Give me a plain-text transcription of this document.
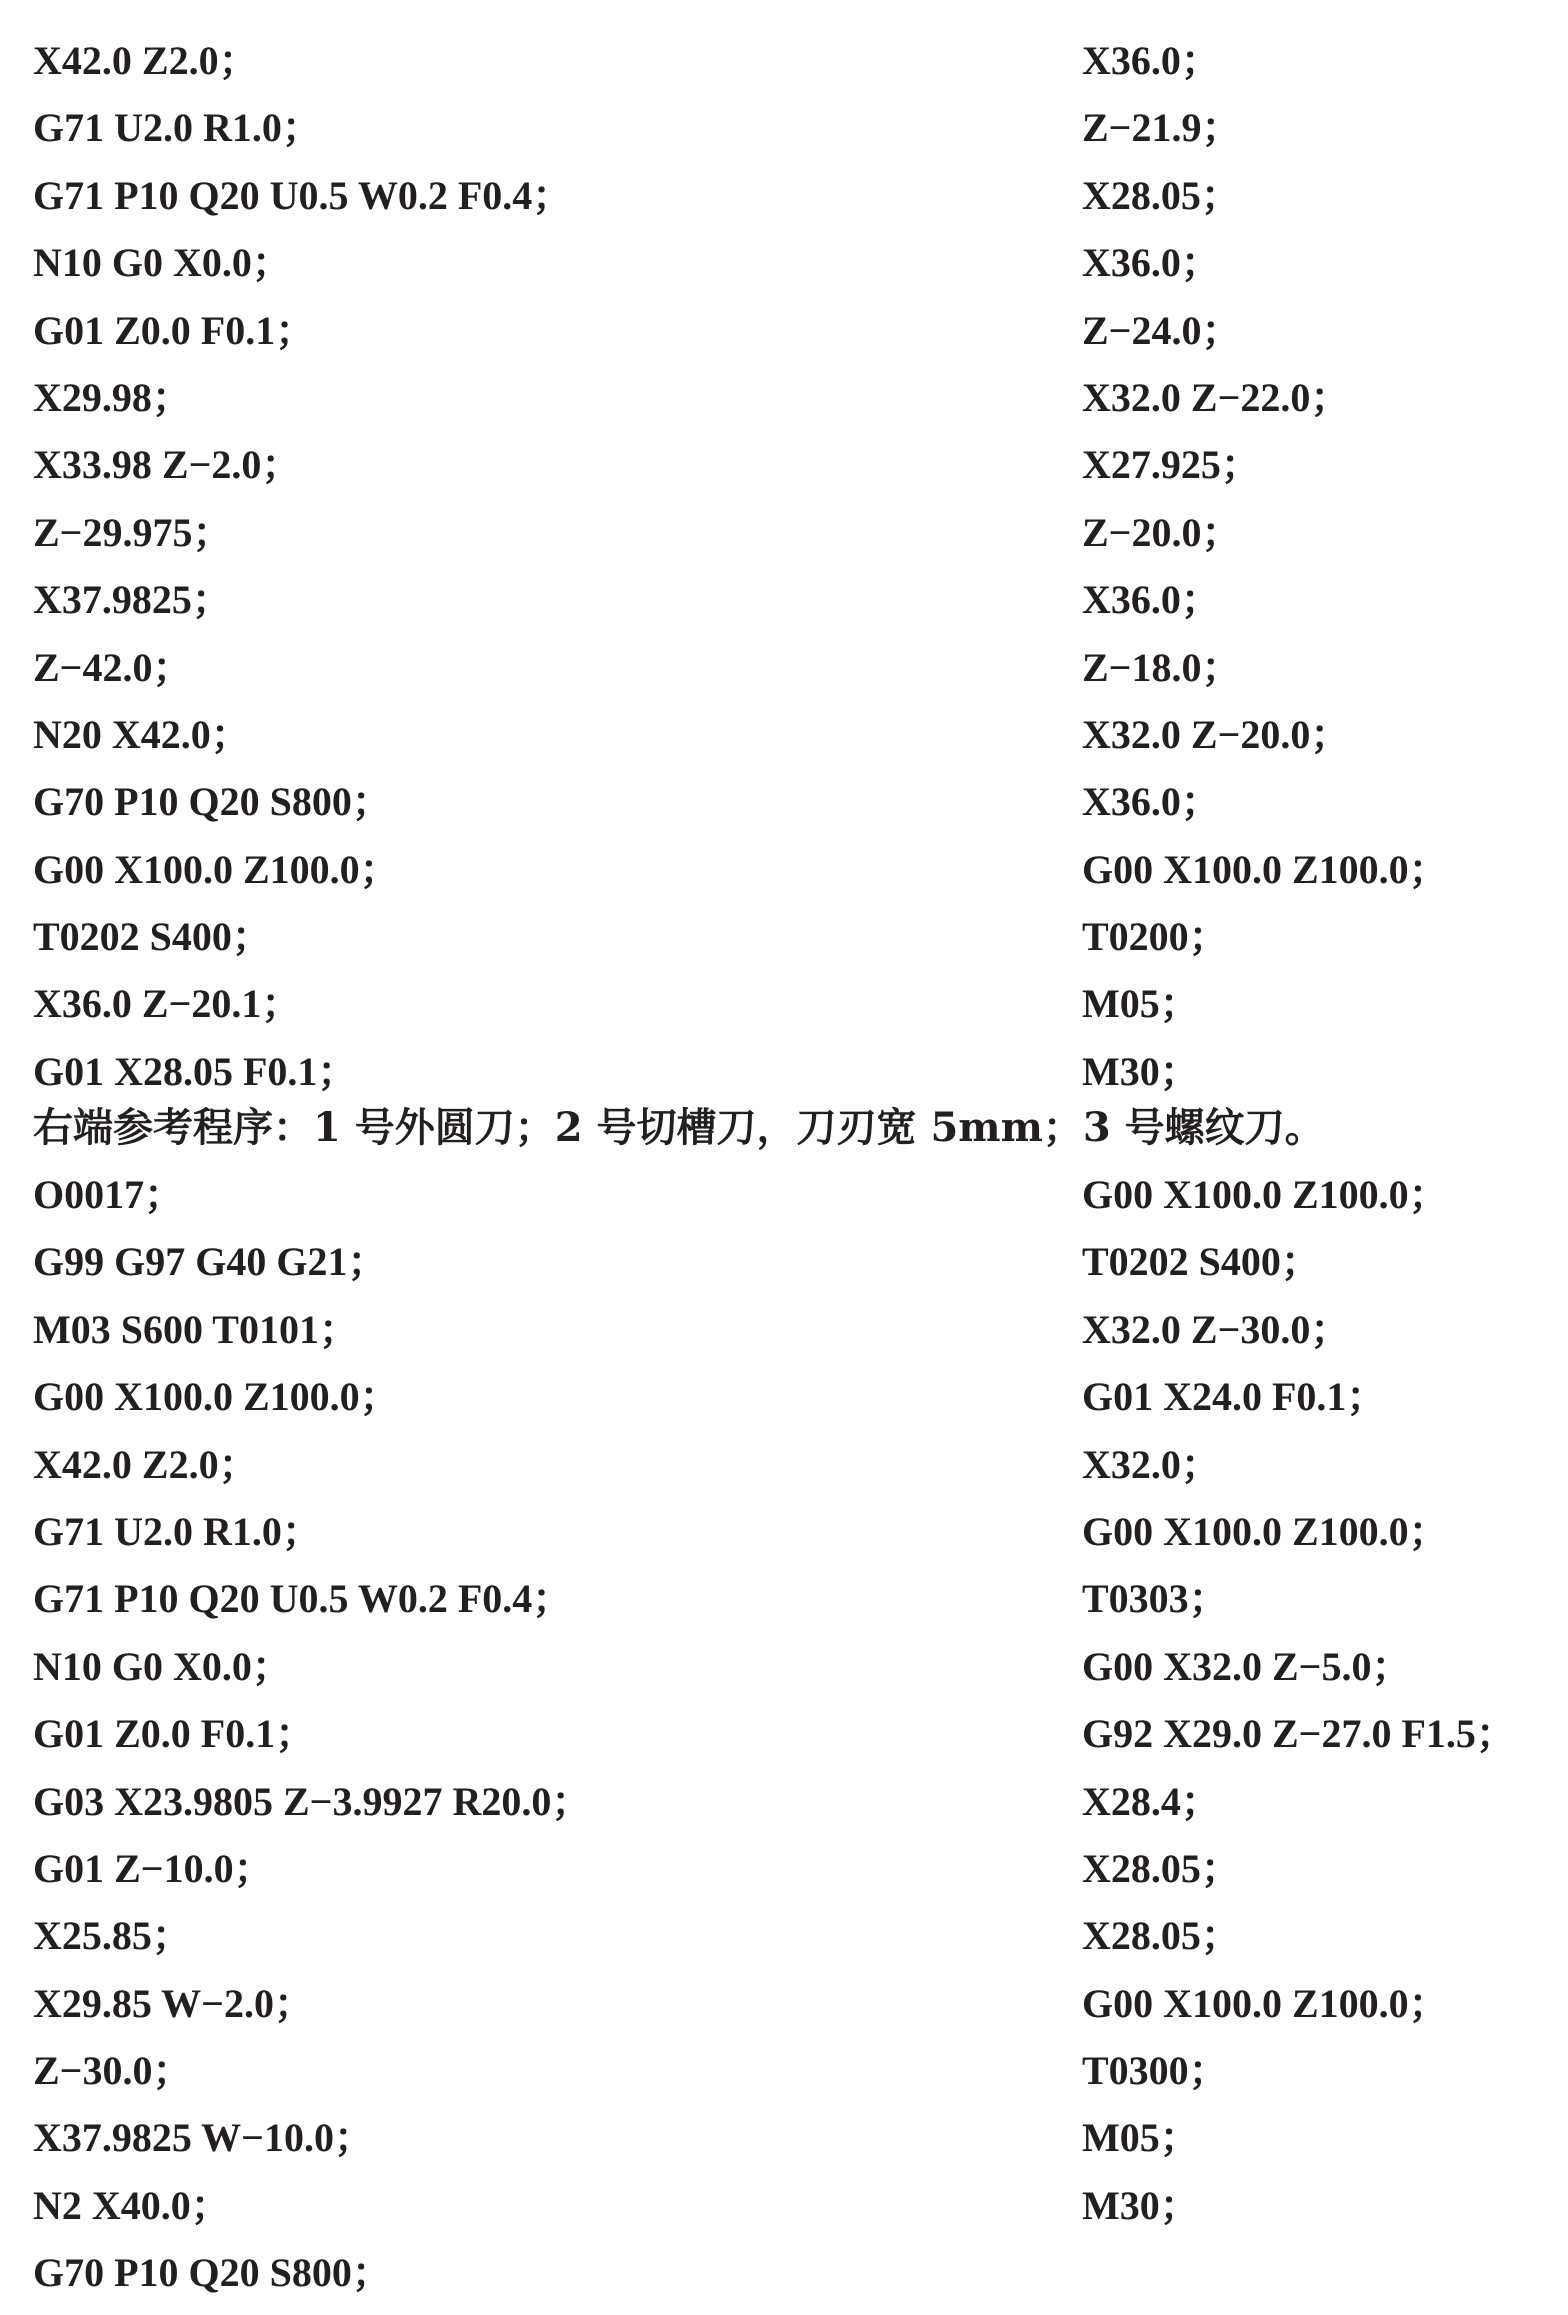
X42.0 Z2.0；
G71 U2.0 R1.0；
G71 P10 Q20 U0.5 W0.2 F0.4；
N10 G0 X0.0；
G01 Z0.0 F0.1；
X29.98；
X33.98 Z−2.0；
Z−29.975；
X37.9825；
Z−42.0；
N20 X42.0；
G70 P10 Q20 S800；
G00 X100.0 Z100.0；
T0202 S400；
X36.0 Z−20.1；
G01 X28.05 F0.1；
X36.0；
Z−21.9；
X28.05；
X36.0；
Z−24.0；
X32.0 Z−22.0；
X27.925；
Z−20.0；
X36.0；
Z−18.0；
X32.0 Z−20.0；
X36.0；
G00 X100.0 Z100.0；
T0200；
M05；
M30；
右端参考程序：1 号外圆刀；2 号切槽刀，刀刃宽 5mm；3 号螺纹刀。
O0017；
G99 G97 G40 G21；
M03 S600 T0101；
G00 X100.0 Z100.0；
X42.0 Z2.0；
G71 U2.0 R1.0；
G71 P10 Q20 U0.5 W0.2 F0.4；
N10 G0 X0.0；
G01 Z0.0 F0.1；
G03 X23.9805 Z−3.9927 R20.0；
G01 Z−10.0；
X25.85；
X29.85 W−2.0；
Z−30.0；
X37.9825 W−10.0；
N2 X40.0；
G70 P10 Q20 S800；
G00 X100.0 Z100.0；
T0202 S400；
X32.0 Z−30.0；
G01 X24.0 F0.1；
X32.0；
G00 X100.0 Z100.0；
T0303；
G00 X32.0 Z−5.0；
G92 X29.0 Z−27.0 F1.5；
X28.4；
X28.05；
X28.05；
G00 X100.0 Z100.0；
T0300；
M05；
M30；
